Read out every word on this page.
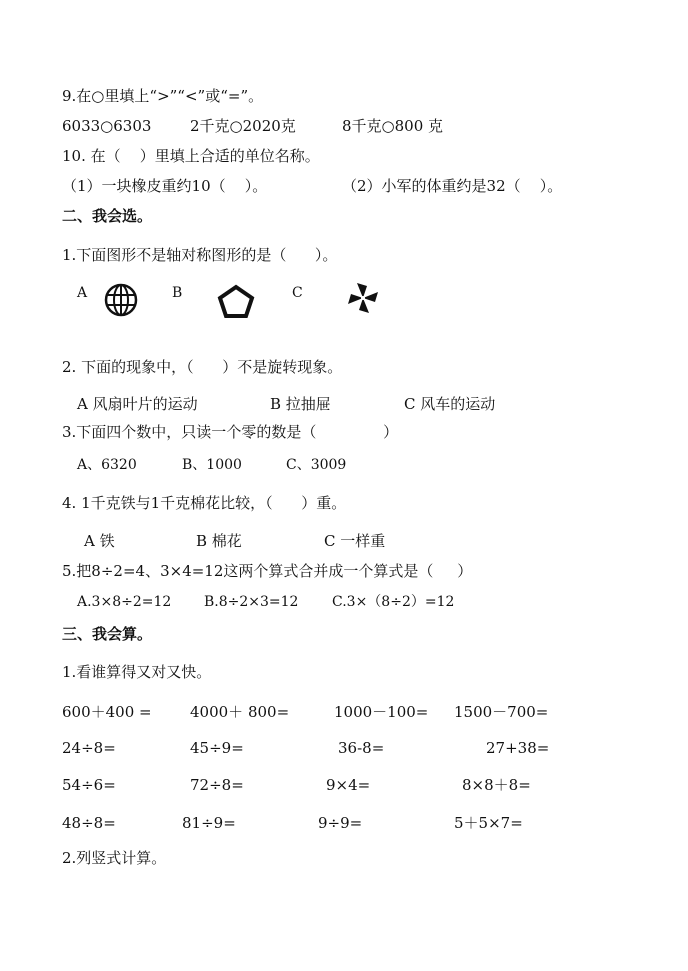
9.在○里填上“>”“<”或“=”。
6033○6303	2千克○2020克	8千克○800 克
10. 在（    ）里填上合适的单位名称。
（1）一块橡皮重约10（    ）。	（2）小军的体重约是32（    ）。
二、我会选。
1.下面图形不是轴对称图形的是（      ）。
A	B	C
2. 下面的现象中，（      ）不是旋转现象。
A 风扇叶片的运动	B 拉抽屉	C 风车的运动
3.下面四个数中，只读一个零的数是（              ）
A、6320	B、1000	C、3009
4. 1千克铁与1千克棉花比较，（      ）重。
A 铁	B 棉花	C 一样重
5.把8÷2=4、3×4=12这两个算式合并成一个算式是（     ）
A.3×8÷2=12 B.8÷2×3=12 C.3×（8÷2）=12
三、我会算。
1.看谁算得又对又快。
600＋400 =	4000＋ 800=	1000－100= 1500－700=
24÷8=	45÷9=	36-8=	27+38=
54÷6=	72÷8=	9×4=	8×8＋8=
48÷8=	81÷9=	9÷9=	5＋5×7=
2.列竖式计算。
